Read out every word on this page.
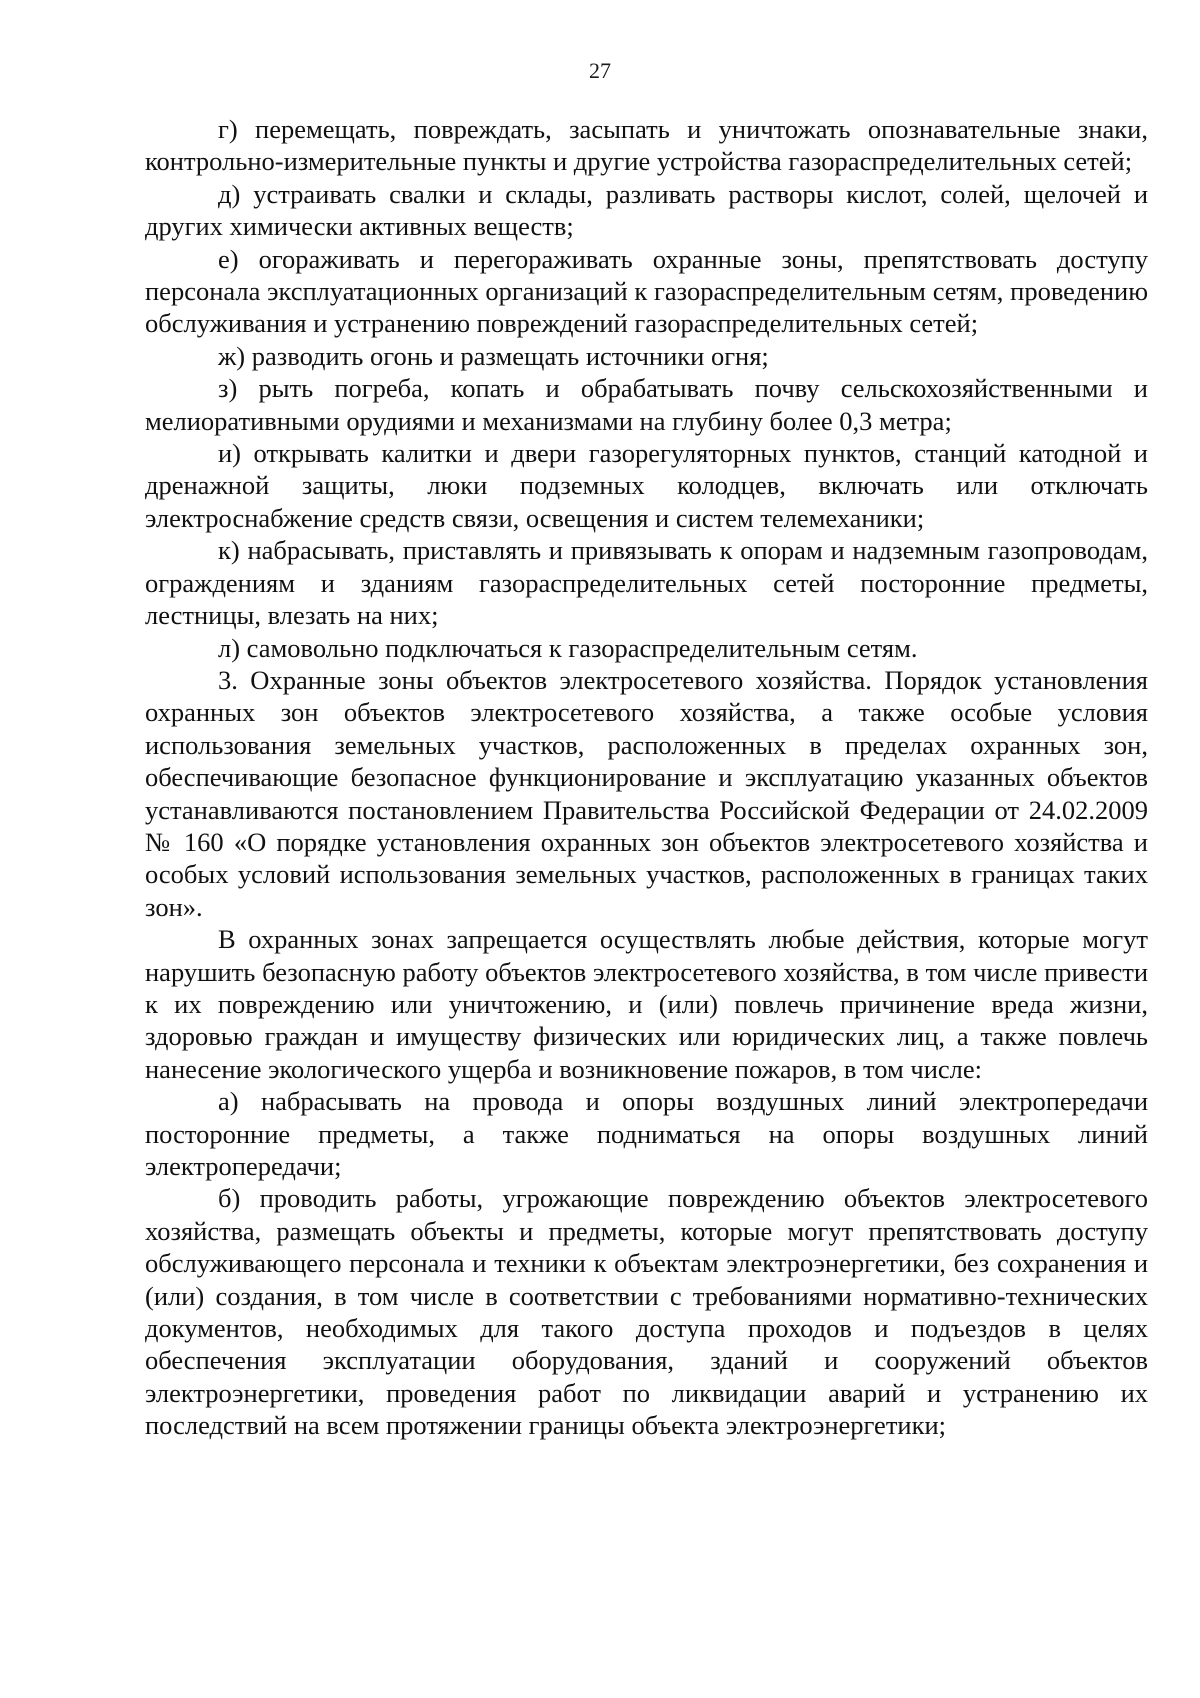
27

г) перемещать, повреждать, засыпать и уничтожать опознавательные знаки, контрольно-измерительные пункты и другие устройства газораспределительных сетей;

д) устраивать свалки и склады, разливать растворы кислот, солей, щелочей и других химически активных веществ;

е) огораживать и перегораживать охранные зоны, препятствовать доступу персонала эксплуатационных организаций к газораспределительным сетям, проведению обслуживания и устранению повреждений газораспределительных сетей;

ж) разводить огонь и размещать источники огня;

з) рыть погреба, копать и обрабатывать почву сельскохозяйственными и мелиоративными орудиями и механизмами на глубину более 0,3 метра;

и) открывать калитки и двери газорегуляторных пунктов, станций катодной и дренажной защиты, люки подземных колодцев, включать или отключать электроснабжение средств связи, освещения и систем телемеханики;

к) набрасывать, приставлять и привязывать к опорам и надземным газопроводам, ограждениям и зданиям газораспределительных сетей посторонние предметы, лестницы, влезать на них;

л) самовольно подключаться к газораспределительным сетям.

3. Охранные зоны объектов электросетевого хозяйства. Порядок установления охранных зон объектов электросетевого хозяйства, а также особые условия использования земельных участков, расположенных в пределах охранных зон, обеспечивающие безопасное функционирование и эксплуатацию указанных объектов устанавливаются постановлением Правительства Российской Федерации от 24.02.2009 № 160 «О порядке установления охранных зон объектов электросетевого хозяйства и особых условий использования земельных участков, расположенных в границах таких зон».

В охранных зонах запрещается осуществлять любые действия, которые могут нарушить безопасную работу объектов электросетевого хозяйства, в том числе привести к их повреждению или уничтожению, и (или) повлечь причинение вреда жизни, здоровью граждан и имуществу физических или юридических лиц, а также повлечь нанесение экологического ущерба и возникновение пожаров, в том числе:

а) набрасывать на провода и опоры воздушных линий электропередачи посторонние предметы, а также подниматься на опоры воздушных линий электропередачи;

б) проводить работы, угрожающие повреждению объектов электросетевого хозяйства, размещать объекты и предметы, которые могут препятствовать доступу обслуживающего персонала и техники к объектам электроэнергетики, без сохранения и (или) создания, в том числе в соответствии с требованиями нормативно-технических документов, необходимых для такого доступа проходов и подъездов в целях обеспечения эксплуатации оборудования, зданий и сооружений объектов электроэнергетики, проведения работ по ликвидации аварий и устранению их последствий на всем протяжении границы объекта электроэнергетики;
